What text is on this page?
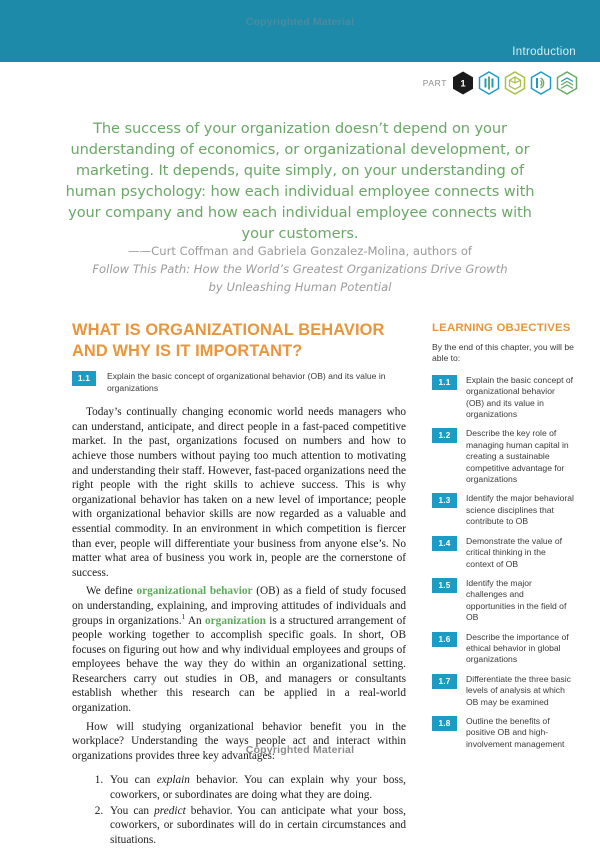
Copyrighted Material
Introduction
PART 1
The success of your organization doesn’t depend on your understanding of economics, or organizational development, or marketing. It depends, quite simply, on your understanding of human psychology: how each individual employee connects with your company and how each individual employee connects with your customers.
——Curt Coffman and Gabriela Gonzalez-Molina, authors of
Follow This Path: How the World’s Greatest Organizations Drive Growth
by Unleashing Human Potential
WHAT IS ORGANIZATIONAL BEHAVIOR AND WHY IS IT IMPORTANT?
1.1	Explain the basic concept of organizational behavior (OB) and its value in organizations

Today’s continually changing economic world needs managers who can understand, anticipate, and direct people in a fast-paced competitive market. In the past, organizations focused on numbers and how to achieve those numbers without paying too much attention to motivating and understanding their staff. However, fast-paced organizations need the right people with the right skills to achieve success. This is why organizational behavior has taken on a new level of importance; people with organizational behavior skills are now regarded as a valuable and essential commodity. In an environment in which competition is fiercer than ever, people will differentiate your business from anyone else’s. No matter what area of business you work in, people are the cornerstone of success.

We define organizational behavior (OB) as a field of study focused on understanding, explaining, and improving attitudes of individuals and groups in organizations.$^1$ An organization is a structured arrangement of people working together to accomplish specific goals. In short, OB focuses on figuring out how and why individual employees and groups of employees behave the way they do within an organizational setting. Researchers carry out studies in OB, and managers or consultants establish whether this research can be applied in a real-world organization.

How will studying organizational behavior benefit you in the workplace? Understanding the ways people act and interact within organizations provides three key advantages:

1. You can explain behavior. You can explain why your boss, coworkers, or subordinates are doing what they are doing.
2. You can predict behavior. You can anticipate what your boss, coworkers, or subordinates will do in certain circumstances and situations.
LEARNING OBJECTIVES
By the end of this chapter, you will be able to:
1.1	Explain the basic concept of organizational behavior (OB) and its value in organizations
1.2	Describe the key role of managing human capital in creating a sustainable competitive advantage for organizations
1.3	Identify the major behavioral science disciplines that contribute to OB
1.4	Demonstrate the value of critical thinking in the context of OB
1.5	Identify the major challenges and opportunities in the field of OB
1.6	Describe the importance of ethical behavior in global organizations
1.7	Differentiate the three basic levels of analysis at which OB may be examined
1.8	Outline the benefits of positive OB and high-involvement management
Copyrighted Material
